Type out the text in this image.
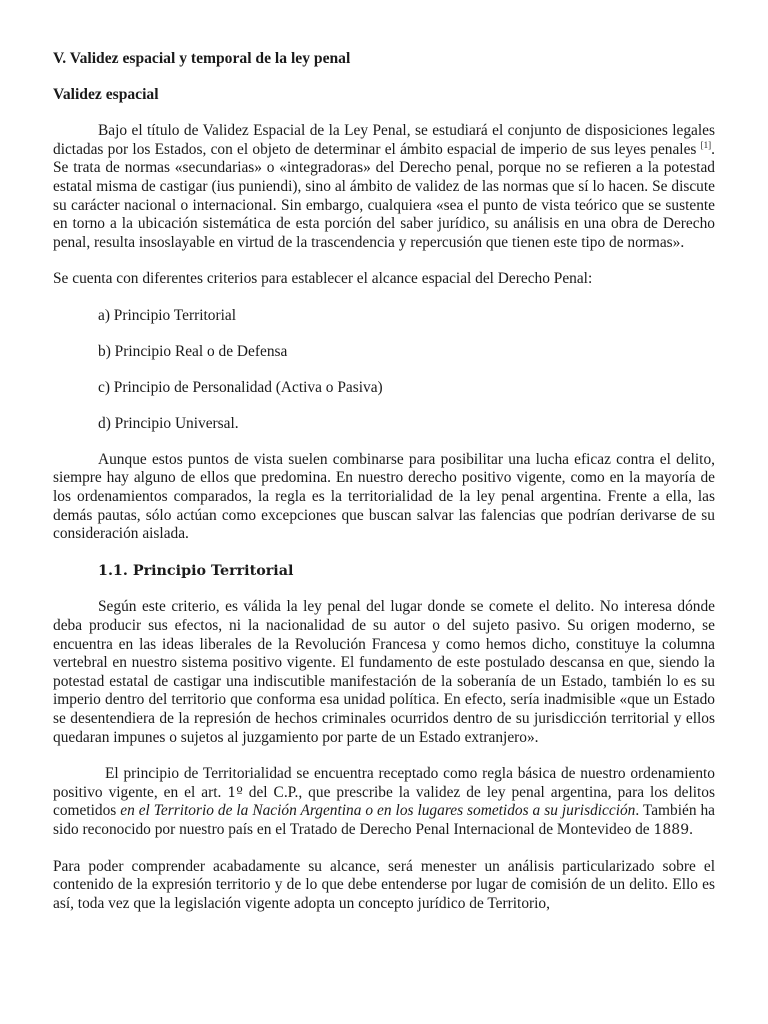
V. Validez espacial y temporal de la ley penal

Validez espacial

Bajo el título de Validez Espacial de la Ley Penal, se estudiará el conjunto de disposiciones legales dictadas por los Estados, con el objeto de determinar el ámbito espacial de imperio de sus leyes penales [1]. Se trata de normas «secundarias» o «integradoras» del Derecho penal, porque no se refieren a la potestad estatal misma de castigar (ius puniendi), sino al ámbito de validez de las normas que sí lo hacen. Se discute su carácter nacional o internacional. Sin embargo, cualquiera «sea el punto de vista teórico que se sustente en torno a la ubicación sistemática de esta porción del saber jurídico, su análisis en una obra de Derecho penal, resulta insoslayable en virtud de la trascendencia y repercusión que tienen este tipo de normas».

Se cuenta con diferentes criterios para establecer el alcance espacial del Derecho Penal:

a) Principio Territorial

b) Principio Real o de Defensa

c) Principio de Personalidad (Activa o Pasiva)

d) Principio Universal.

Aunque estos puntos de vista suelen combinarse para posibilitar una lucha eficaz contra el delito, siempre hay alguno de ellos que predomina. En nuestro derecho positivo vigente, como en la mayoría de los ordenamientos comparados, la regla es la territorialidad de la ley penal argentina. Frente a ella, las demás pautas, sólo actúan como excepciones que buscan salvar las falencias que podrían derivarse de su consideración aislada.

1.1. Principio Territorial

Según este criterio, es válida la ley penal del lugar donde se comete el delito. No interesa dónde deba producir sus efectos, ni la nacionalidad de su autor o del sujeto pasivo. Su origen moderno, se encuentra en las ideas liberales de la Revolución Francesa y como hemos dicho, constituye la columna vertebral en nuestro sistema positivo vigente. El fundamento de este postulado descansa en que, siendo la potestad estatal de castigar una indiscutible manifestación de la soberanía de un Estado, también lo es su imperio dentro del territorio que conforma esa unidad política. En efecto, sería inadmisible «que un Estado se desentendiera de la represión de hechos criminales ocurridos dentro de su jurisdicción territorial y ellos quedaran impunes o sujetos al juzgamiento por parte de un Estado extranjero».

El principio de Territorialidad se encuentra receptado como regla básica de nuestro ordenamiento positivo vigente, en el art. 1º del C.P., que prescribe la validez de ley penal argentina, para los delitos cometidos en el Territorio de la Nación Argentina o en los lugares sometidos a su jurisdicción. También ha sido reconocido por nuestro país en el Tratado de Derecho Penal Internacional de Montevideo de 1889.

Para poder comprender acabadamente su alcance, será menester un análisis particularizado sobre el contenido de la expresión territorio y de lo que debe entenderse por lugar de comisión de un delito. Ello es así, toda vez que la legislación vigente adopta un concepto jurídico de Territorio,
